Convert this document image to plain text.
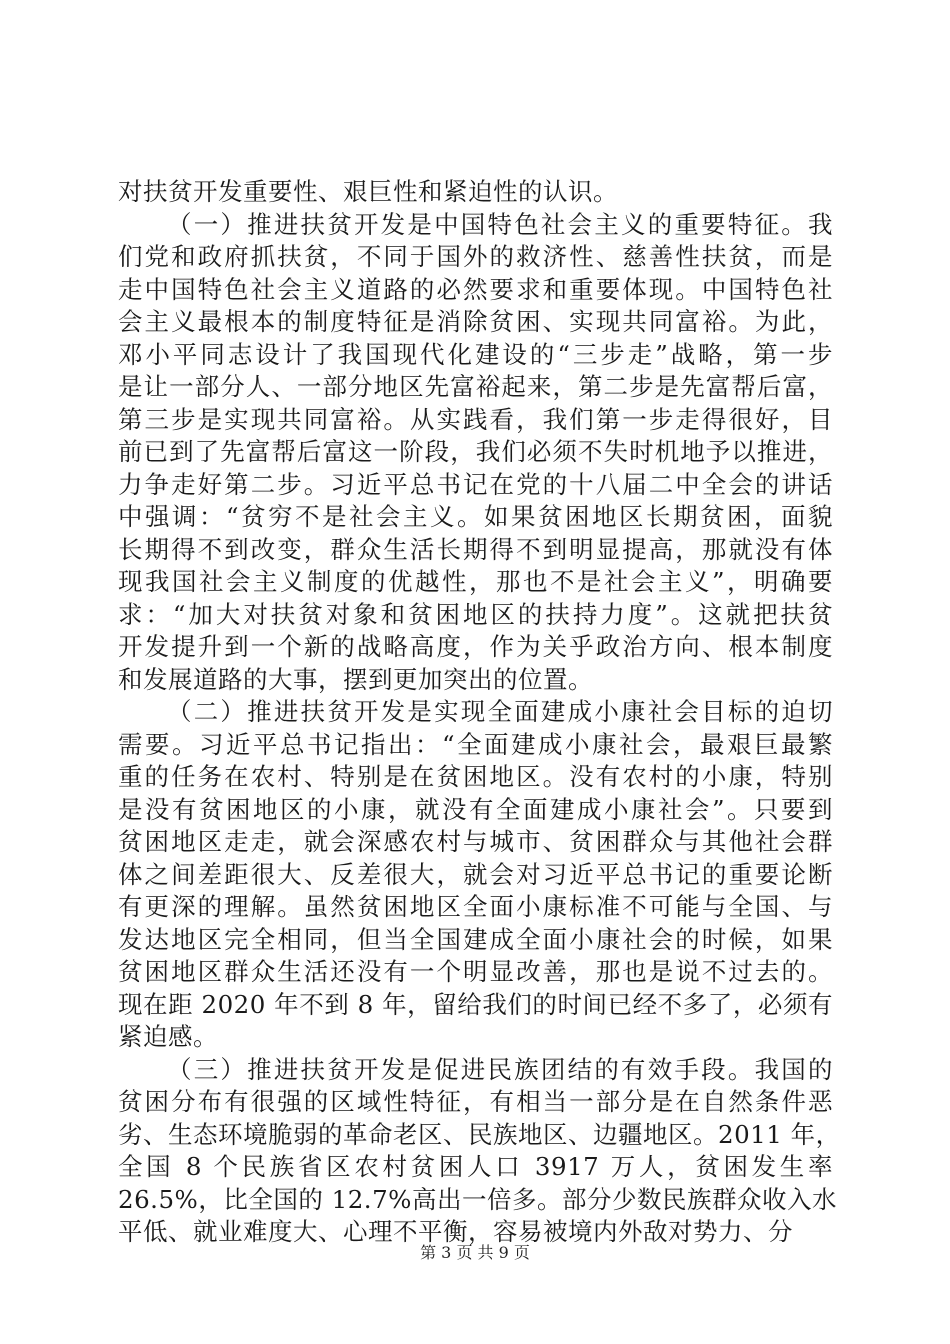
对扶贫开发重要性、艰巨性和紧迫性的认识。
（一）推进扶贫开发是中国特色社会主义的重要特征。我
们党和政府抓扶贫，不同于国外的救济性、慈善性扶贫，而是
走中国特色社会主义道路的必然要求和重要体现。中国特色社
会主义最根本的制度特征是消除贫困、实现共同富裕。为此，
邓小平同志设计了我国现代化建设的“三步走”战略，第一步
是让一部分人、一部分地区先富裕起来，第二步是先富帮后富，
第三步是实现共同富裕。从实践看，我们第一步走得很好，目
前已到了先富帮后富这一阶段，我们必须不失时机地予以推进，
力争走好第二步。习近平总书记在党的十八届二中全会的讲话
中强调：“贫穷不是社会主义。如果贫困地区长期贫困，面貌
长期得不到改变，群众生活长期得不到明显提高，那就没有体
现我国社会主义制度的优越性，那也不是社会主义”，明确要
求：“加大对扶贫对象和贫困地区的扶持力度”。这就把扶贫
开发提升到一个新的战略高度，作为关乎政治方向、根本制度
和发展道路的大事，摆到更加突出的位置。
（二）推进扶贫开发是实现全面建成小康社会目标的迫切
需要。习近平总书记指出：“全面建成小康社会，最艰巨最繁
重的任务在农村、特别是在贫困地区。没有农村的小康，特别
是没有贫困地区的小康，就没有全面建成小康社会”。只要到
贫困地区走走，就会深感农村与城市、贫困群众与其他社会群
体之间差距很大、反差很大，就会对习近平总书记的重要论断
有更深的理解。虽然贫困地区全面小康标准不可能与全国、与
发达地区完全相同，但当全国建成全面小康社会的时候，如果
贫困地区群众生活还没有一个明显改善，那也是说不过去的。
现在距 2020 年不到 8 年，留给我们的时间已经不多了，必须有
紧迫感。
（三）推进扶贫开发是促进民族团结的有效手段。我国的
贫困分布有很强的区域性特征，有相当一部分是在自然条件恶
劣、生态环境脆弱的革命老区、民族地区、边疆地区。2011 年，
全国 8 个民族省区农村贫困人口 3917 万人，贫困发生率
26.5%，比全国的 12.7%高出一倍多。部分少数民族群众收入水
平低、就业难度大、心理不平衡，容易被境内外敌对势力、分
第 3 页 共 9 页
